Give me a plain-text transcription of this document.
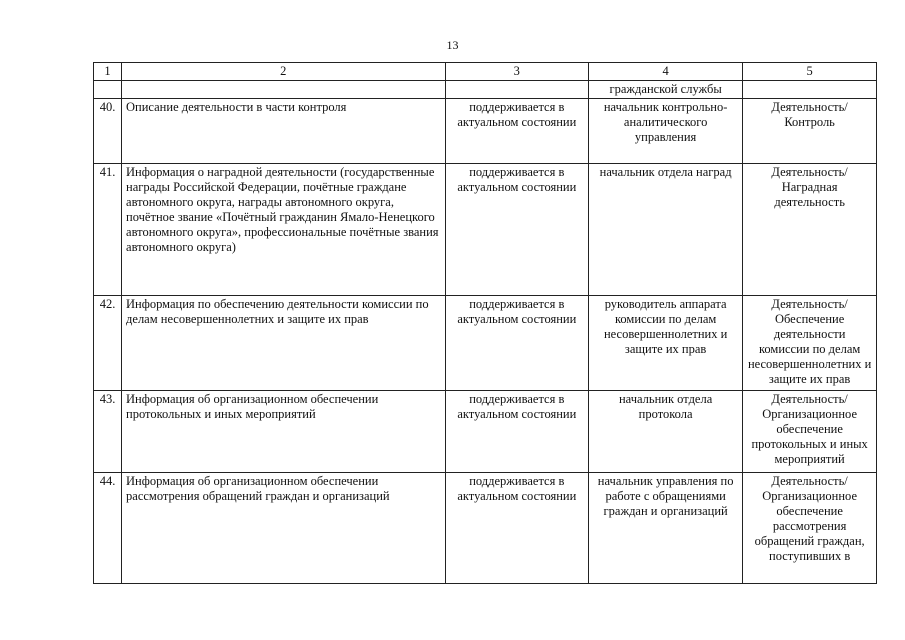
13
1	2	3	4	5
			гражданской службы	
40.	Описание деятельности в части контроля	поддерживается в актуальном состоянии	начальник контрольно-аналитического управления	Деятельность/ Контроль
41.	Информация о наградной деятельности (государственные награды Российской Федерации, почётные граждане автономного округа, награды автономного округа, почётное звание «Почётный гражданин Ямало-Ненецкого автономного округа», профессиональные почётные звания автономного округа)	поддерживается в актуальном состоянии	начальник отдела наград	Деятельность/ Наградная деятельность
42.	Информация по обеспечению деятельности комиссии по делам несовершеннолетних и защите их прав	поддерживается в актуальном состоянии	руководитель аппарата комиссии по делам несовершеннолетних и защите их прав	Деятельность/ Обеспечение деятельности комиссии по делам несовершеннолетних и защите их прав
43.	Информация об организационном обеспечении протокольных и иных мероприятий	поддерживается в актуальном состоянии	начальник отдела протокола	Деятельность/ Организационное обеспечение протокольных и иных мероприятий
44.	Информация об организационном обеспечении рассмотрения обращений граждан и организаций	поддерживается в актуальном состоянии	начальник управления по работе с обращениями граждан и организаций	Деятельность/ Организационное обеспечение рассмотрения обращений граждан, поступивших в
